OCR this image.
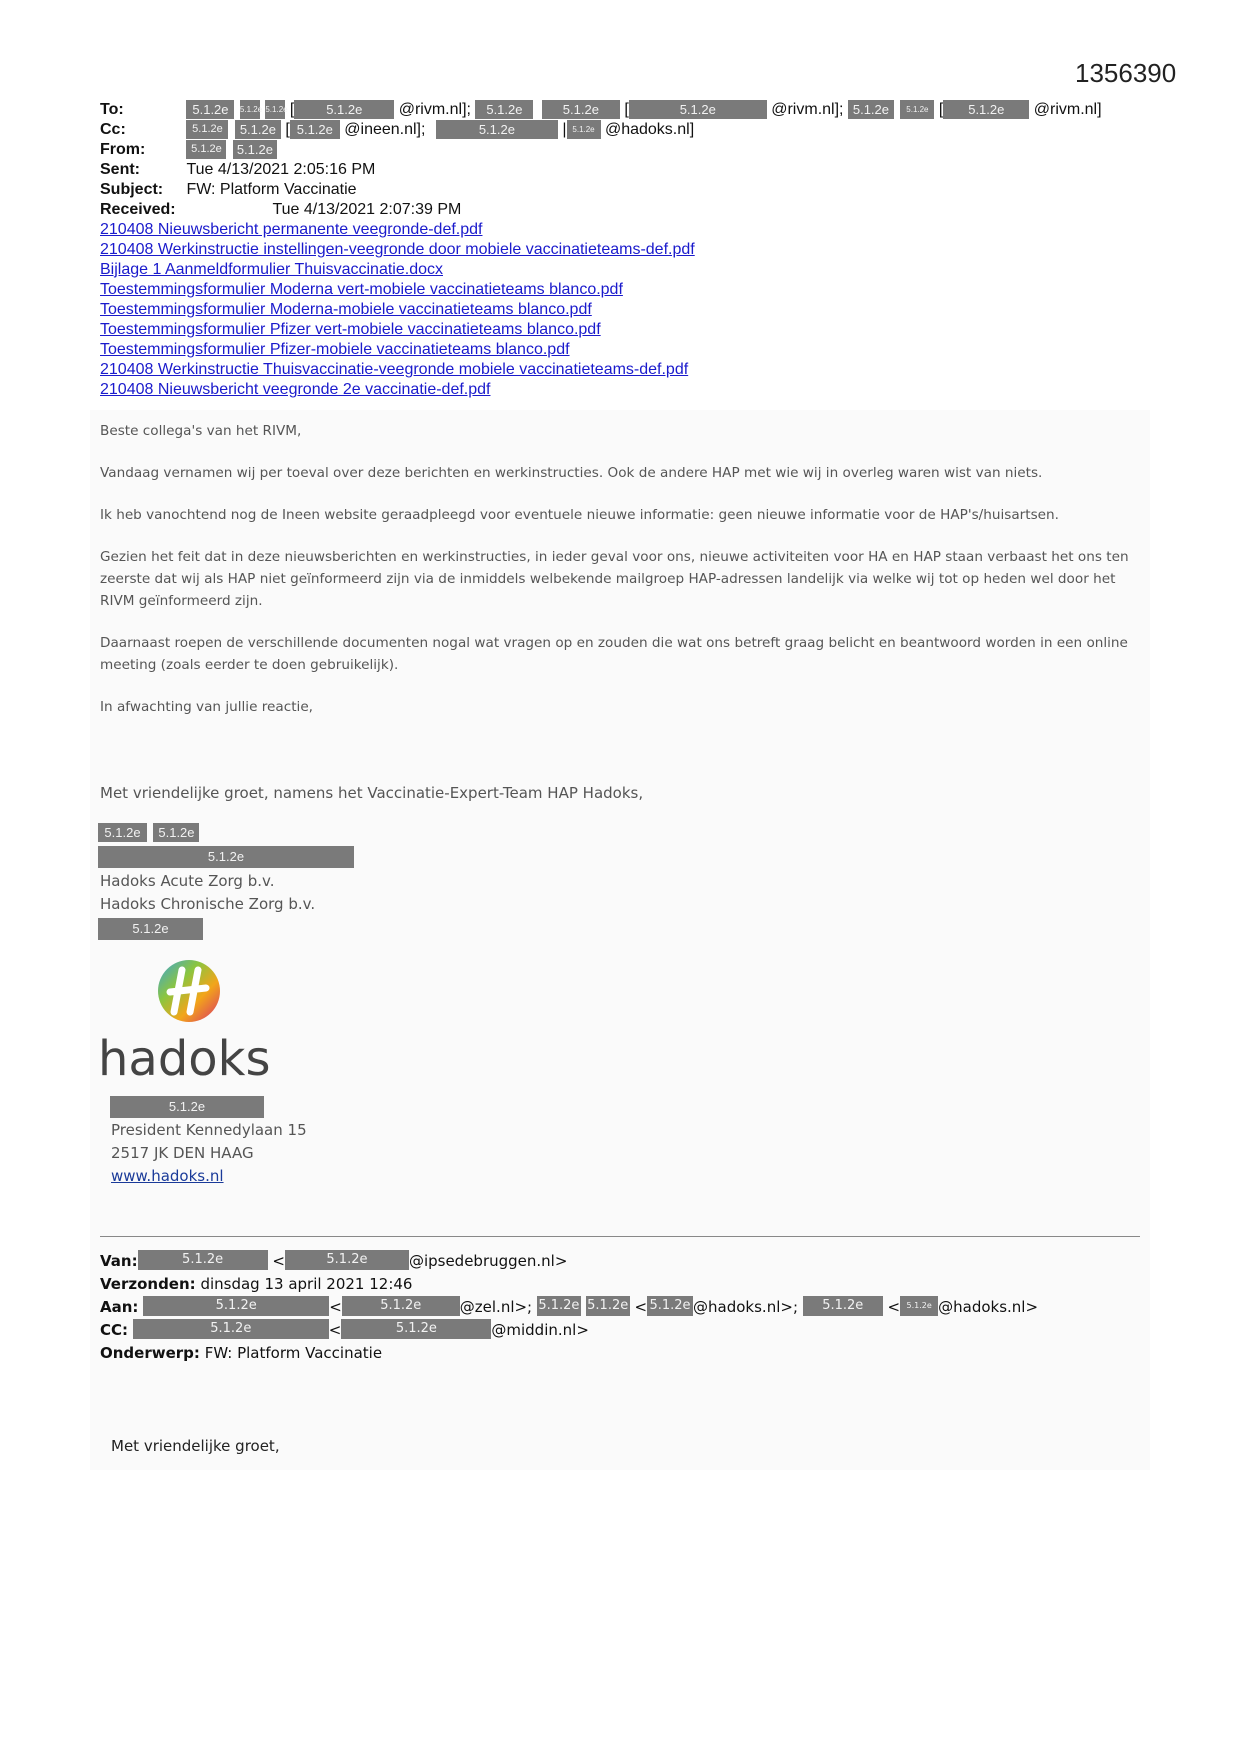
1356390
To:	5.1.2e 5.1.2e 5.1.2e [ 5.1.2e @rivm.nl]; 5.1.2e	5.1.2e [	5.1.2e	@rivm.nl]; 5.1.2e 5.1.2e [ 5.1.2e @rivm.nl]
Cc:	5.1.2e 5.1.2e [ 5.1.2e @ineen.nl];	5.1.2e	| 5.1.2e @hadoks.nl]
From:	5.1.2e 5.1.2e
Sent:	Tue 4/13/2021 2:05:16 PM
Subject: FW: Platform Vaccinatie
Received:	Tue 4/13/2021 2:07:39 PM
210408 Nieuwsbericht permanente veegronde-def.pdf
210408 Werkinstructie instellingen-veegronde door mobiele vaccinatieteams-def.pdf
Bijlage 1 Aanmeldformulier Thuisvaccinatie.docx
Toestemmingsformulier Moderna vert-mobiele vaccinatieteams blanco.pdf
Toestemmingsformulier Moderna-mobiele vaccinatieteams blanco.pdf
Toestemmingsformulier Pfizer vert-mobiele vaccinatieteams blanco.pdf
Toestemmingsformulier Pfizer-mobiele vaccinatieteams blanco.pdf
210408 Werkinstructie Thuisvaccinatie-veegronde mobiele vaccinatieteams-def.pdf
210408 Nieuwsbericht veegronde 2e vaccinatie-def.pdf
Beste collega's van het RIVM,
Vandaag vernamen wij per toeval over deze berichten en werkinstructies. Ook de andere HAP met wie wij in overleg waren wist van niets.
Ik heb vanochtend nog de Ineen website geraadpleegd voor eventuele nieuwe informatie: geen nieuwe informatie voor de HAP's/huisartsen.
Gezien het feit dat in deze nieuwsberichten en werkinstructies, in ieder geval voor ons, nieuwe activiteiten voor HA en HAP staan verbaast het ons ten zeerste dat wij als HAP niet geïnformeerd zijn via de inmiddels welbekende mailgroep HAP-adressen landelijk via welke wij tot op heden wel door het RIVM geïnformeerd zijn.
Daarnaast roepen de verschillende documenten nogal wat vragen op en zouden die wat ons betreft graag belicht en beantwoord worden in een online meeting (zoals eerder te doen gebruikelijk).
In afwachting van jullie reactie,
Met vriendelijke groet, namens het Vaccinatie-Expert-Team HAP Hadoks,
5.1.2e 5.1.2e
5.1.2e
Hadoks Acute Zorg b.v.
Hadoks Chronische Zorg b.v.
5.1.2e
hadoks
5.1.2e
President Kennedylaan 15
2517 JK DEN HAAG
www.hadoks.nl
Van:	5.1.2e	<	5.1.2e	@ipsedebruggen.nl>
Verzonden: dinsdag 13 april 2021 12:46
Aan:	5.1.2e	<	5.1.2e	@zel.nl>; 5.1.2e 5.1.2e < 5.1.2e @hadoks.nl>; 5.1.2e < 5.1.2e @hadoks.nl>
CC:	5.1.2e	<	5.1.2e	@middin.nl>
Onderwerp: FW: Platform Vaccinatie
Met vriendelijke groet,
